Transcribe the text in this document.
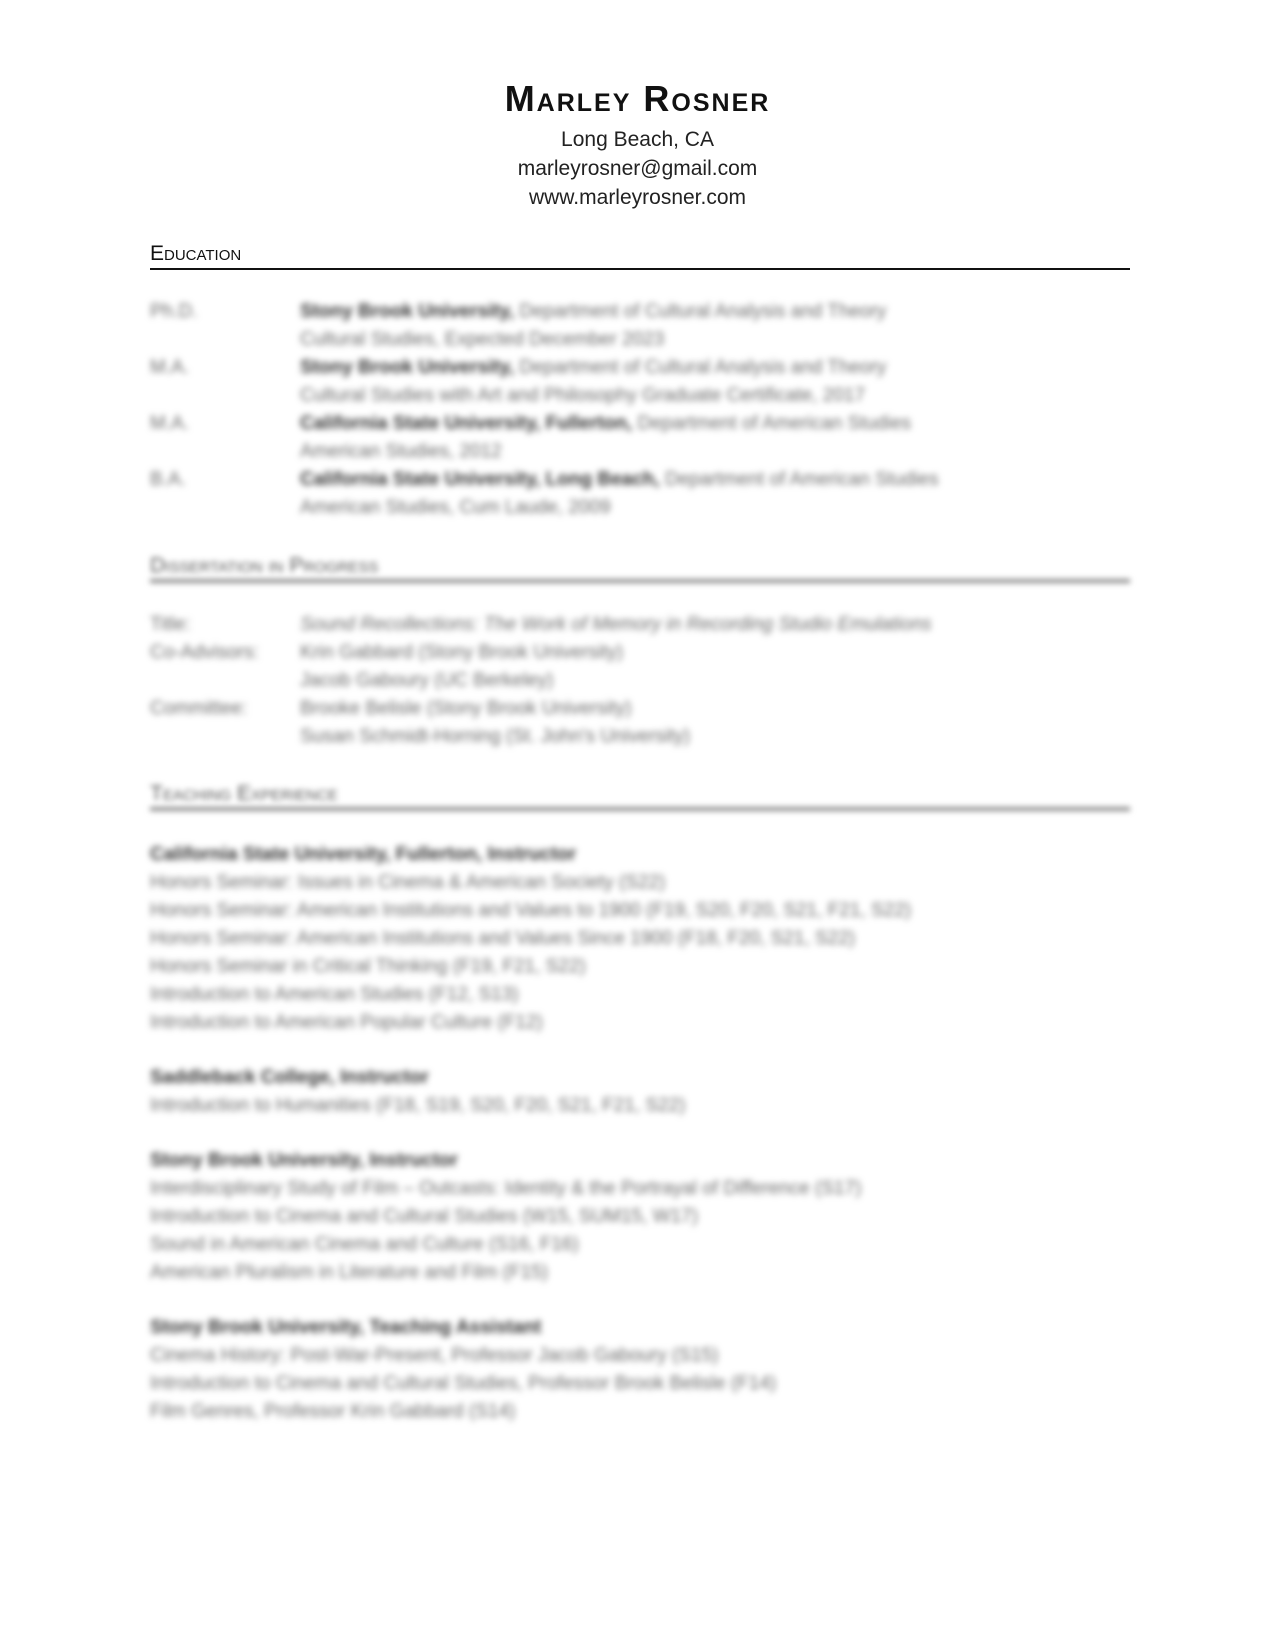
Marley Rosner
Long Beach, CA
marleyrosner@gmail.com
www.marleyrosner.com
Education
Ph.D.	Stony Brook University, Department of Cultural Analysis and Theory
Cultural Studies, Expected December 2023
M.A.	Stony Brook University, Department of Cultural Analysis and Theory
Cultural Studies with Art and Philosophy Graduate Certificate, 2017
M.A.	California State University, Fullerton, Department of American Studies
American Studies, 2012
B.A.	California State University, Long Beach, Department of American Studies
American Studies, Cum Laude, 2009
Dissertation in Progress
Title:	Sound Recollections: The Work of Memory in Recording Studio Emulations
Co-Advisors:	Krin Gabbard (Stony Brook University)
Jacob Gaboury (UC Berkeley)
Committee:	Brooke Belisle (Stony Brook University)
Susan Schmidt-Horning (St. John's University)
Teaching Experience
California State University, Fullerton, Instructor
Honors Seminar: Issues in Cinema & American Society (S22)
Honors Seminar: American Institutions and Values to 1900 (F19, S20, F20, S21, F21, S22)
Honors Seminar: American Institutions and Values Since 1900 (F18, F20, S21, S22)
Honors Seminar in Critical Thinking (F19, F21, S22)
Introduction to American Studies (F12, S13)
Introduction to American Popular Culture (F12)
Saddleback College, Instructor
Introduction to Humanities (F18, S19, S20, F20, S21, F21, S22)
Stony Brook University, Instructor
Interdisciplinary Study of Film – Outcasts: Identity & the Portrayal of Difference (S17)
Introduction to Cinema and Cultural Studies (W15, SUM15, W17)
Sound in American Cinema and Culture (S16, F16)
American Pluralism in Literature and Film (F15)
Stony Brook University, Teaching Assistant
Cinema History: Post-War-Present, Professor Jacob Gaboury (S15)
Introduction to Cinema and Cultural Studies, Professor Brook Belisle (F14)
Film Genres, Professor Krin Gabbard (S14)
